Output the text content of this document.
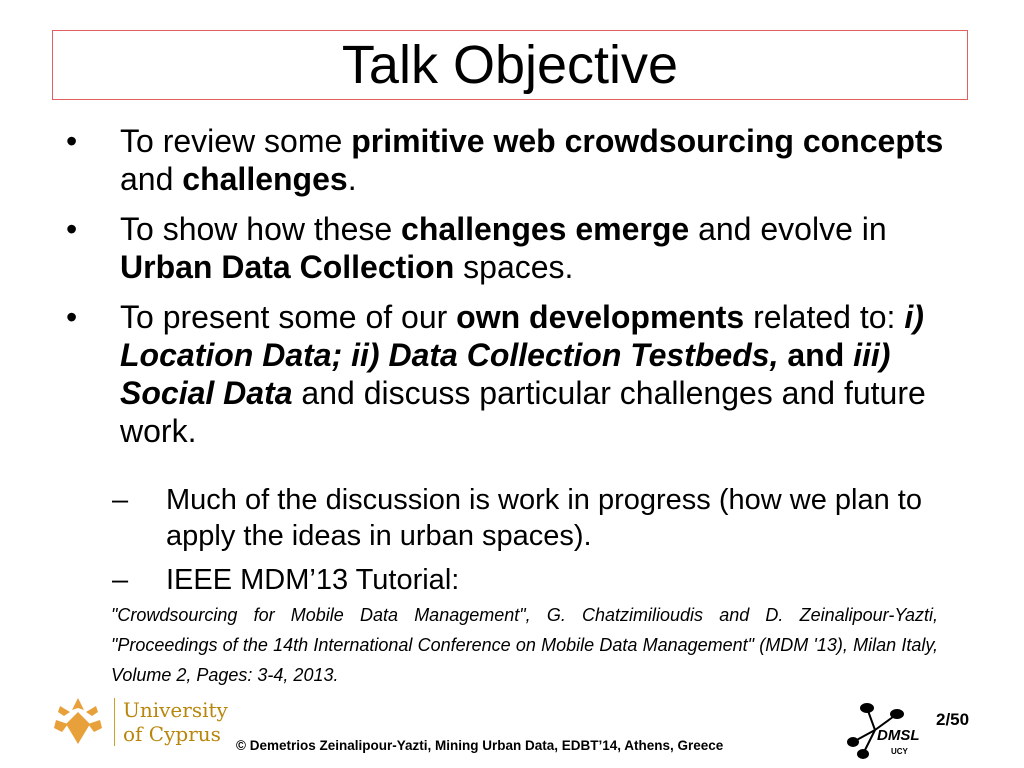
Talk Objective
• To review some primitive web crowdsourcing concepts and challenges.
• To show how these challenges emerge and evolve in Urban Data Collection spaces.
• To present some of our own developments related to: i) Location Data; ii) Data Collection Testbeds, and iii) Social Data and discuss particular challenges and future work.
– Much of the discussion is work in progress (how we plan to apply the ideas in urban spaces).
– IEEE MDM’13 Tutorial:
"Crowdsourcing for Mobile Data Management", G. Chatzimilioudis and D. Zeinalipour-Yazti, "Proceedings of the 14th International Conference on Mobile Data Management" (MDM '13), Milan Italy, Volume 2, Pages: 3-4, 2013.
University
of Cyprus	© Demetrios Zeinalipour-Yazti, Mining Urban Data, EDBT’14, Athens, Greece
DMSL
UCY
2/50
